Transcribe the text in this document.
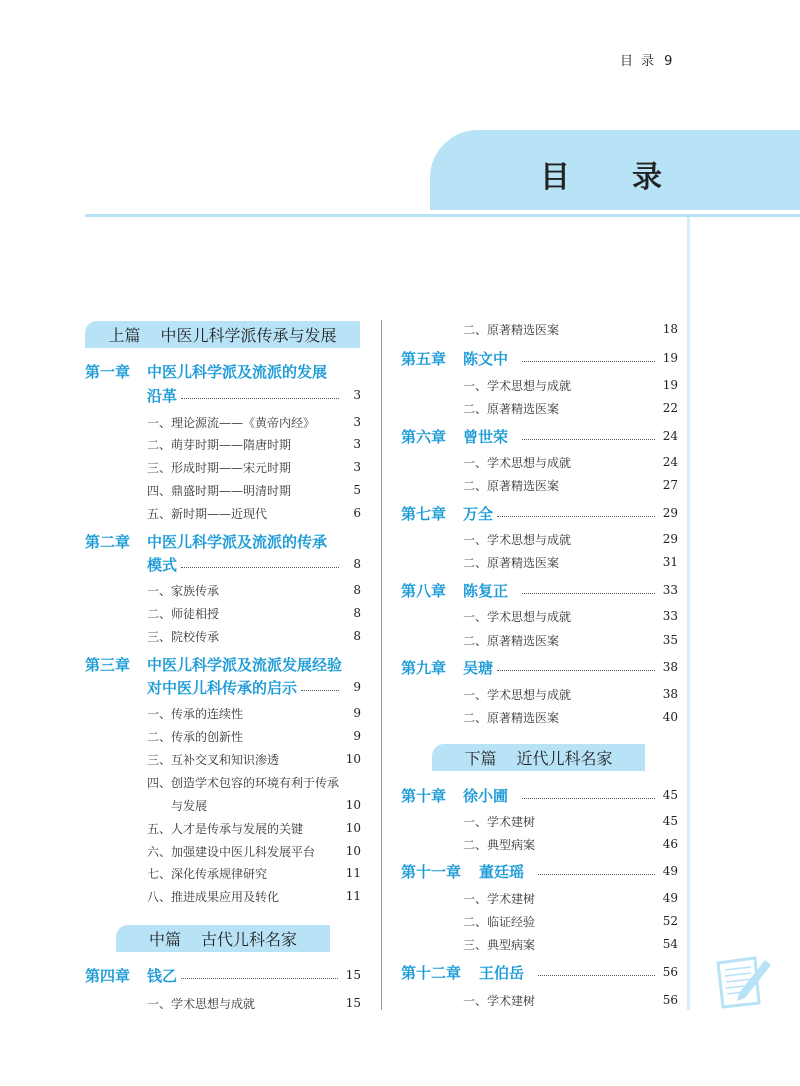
目 录 9
目　录
上篇 中医儿科学派传承与发展
第一章 中医儿科学派及流派的发展
沿革	3
一、理论源流——《黄帝内经》	3
二、萌芽时期——隋唐时期	3
三、形成时期——宋元时期	3
四、鼎盛时期——明清时期	5
五、新时期——近现代	6
第二章 中医儿科学派及流派的传承
模式	8
一、家族传承	8
二、师徒相授	8
三、院校传承	8
第三章 中医儿科学派及流派发展经验
对中医儿科传承的启示	9
一、传承的连续性	9
二、传承的创新性	9
三、互补交叉和知识渗透	10
四、创造学术包容的环境有利于传承
与发展	10
五、人才是传承与发展的关键	10
六、加强建设中医儿科发展平台	10
七、深化传承规律研究	11
八、推进成果应用及转化	11
中篇 古代儿科名家
第四章 钱乙	15
一、学术思想与成就	15
二、原著精选医案	18
第五章 陈文中	19
一、学术思想与成就	19
二、原著精选医案	22
第六章 曾世荣	24
一、学术思想与成就	24
二、原著精选医案	27
第七章 万全	29
一、学术思想与成就	29
二、原著精选医案	31
第八章 陈复正	33
一、学术思想与成就	33
二、原著精选医案	35
第九章 吴瑭	38
一、学术思想与成就	38
二、原著精选医案	40
下篇 近代儿科名家
第十章 徐小圃	45
一、学术建树	45
二、典型病案	46
第十一章 董廷瑶	49
一、学术建树	49
二、临证经验	52
三、典型病案	54
第十二章 王伯岳	56
一、学术建树	56
